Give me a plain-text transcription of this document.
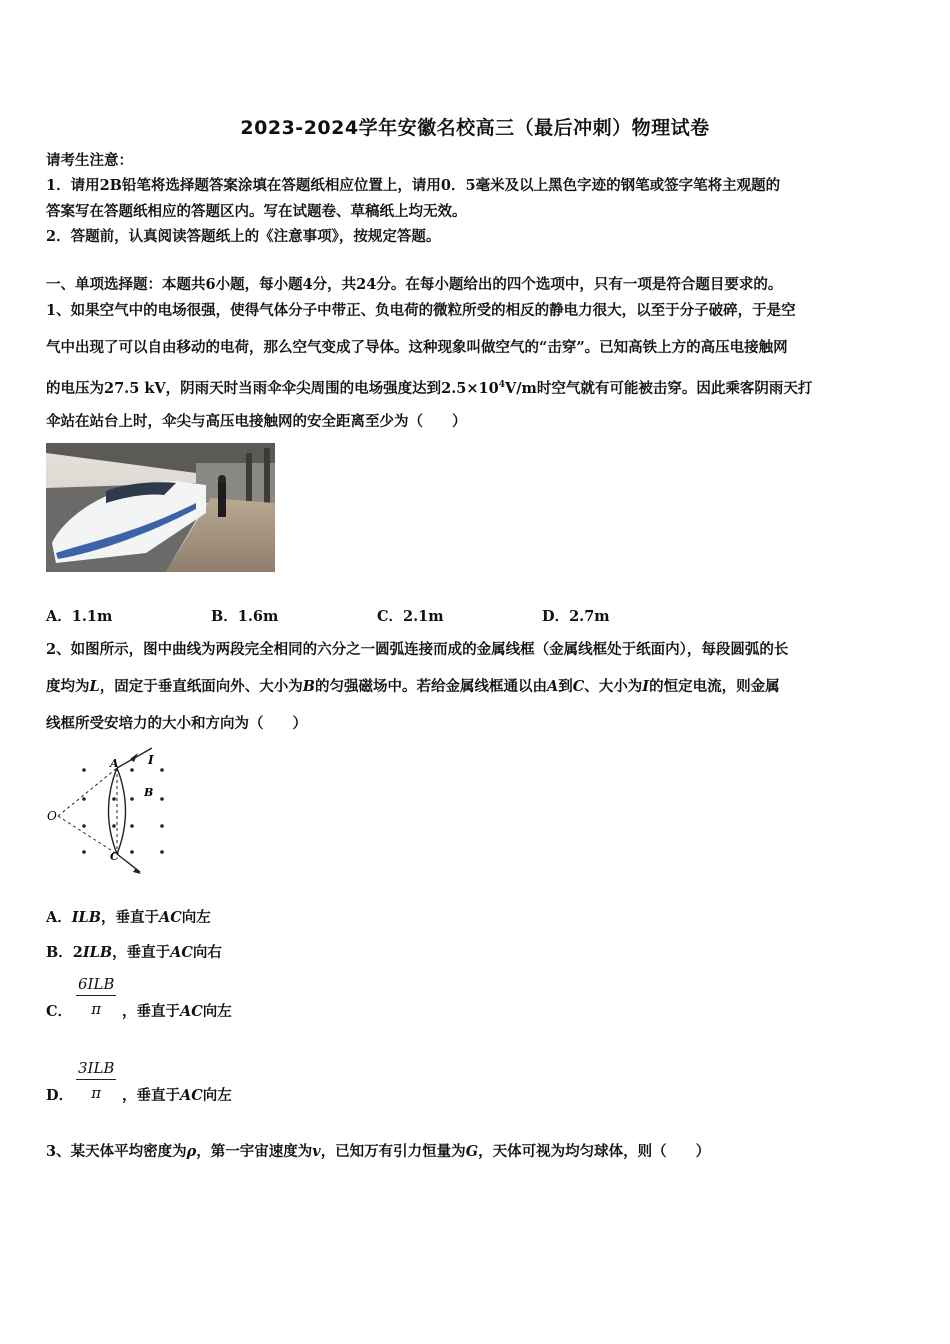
2023-2024学年安徽名校高三（最后冲刺）物理试卷
请考生注意：
1．请用2B铅笔将选择题答案涂填在答题纸相应位置上，请用0．5毫米及以上黑色字迹的钢笔或签字笔将主观题的
答案写在答题纸相应的答题区内。写在试题卷、草稿纸上均无效。
2．答题前，认真阅读答题纸上的《注意事项》，按规定答题。
一、单项选择题：本题共6小题，每小题4分，共24分。在每小题给出的四个选项中，只有一项是符合题目要求的。
1、如果空气中的电场很强，使得气体分子中带正、负电荷的微粒所受的相反的静电力很大，以至于分子破碎，于是空
气中出现了可以自由移动的电荷，那么空气变成了导体。这种现象叫做空气的“击穿”。已知高铁上方的高压电接触网
的电压为27.5 kV，阴雨天时当雨伞伞尖周围的电场强度达到$2.5\times 10^4V/m$时空气就有可能被击穿。因此乘客阴雨天打
伞站在站台上时，伞尖与高压电接触网的安全距离至少为（　　）
A．1.1m	B．1.6m	C．2.1m	D．2.7m
2、如图所示，图中曲线为两段完全相同的六分之一圆弧连接而成的金属线框（金属线框处于纸面内），每段圆弧的长
度均为L，固定于垂直纸面向外、大小为B的匀强磁场中。若给金属线框通以由A到C、大小为I的恒定电流，则金属
线框所受安培力的大小和方向为（　　）
O
A I
B
C
A．ILB，垂直于AC向左
B．2ILB，垂直于AC向右
C．
6ILB
π	，垂直于AC向左
D．
3ILB
π	，垂直于AC向左
3、某天体平均密度为ρ，第一宇宙速度为v，已知万有引力恒量为G，天体可视为均匀球体，则（　　）
